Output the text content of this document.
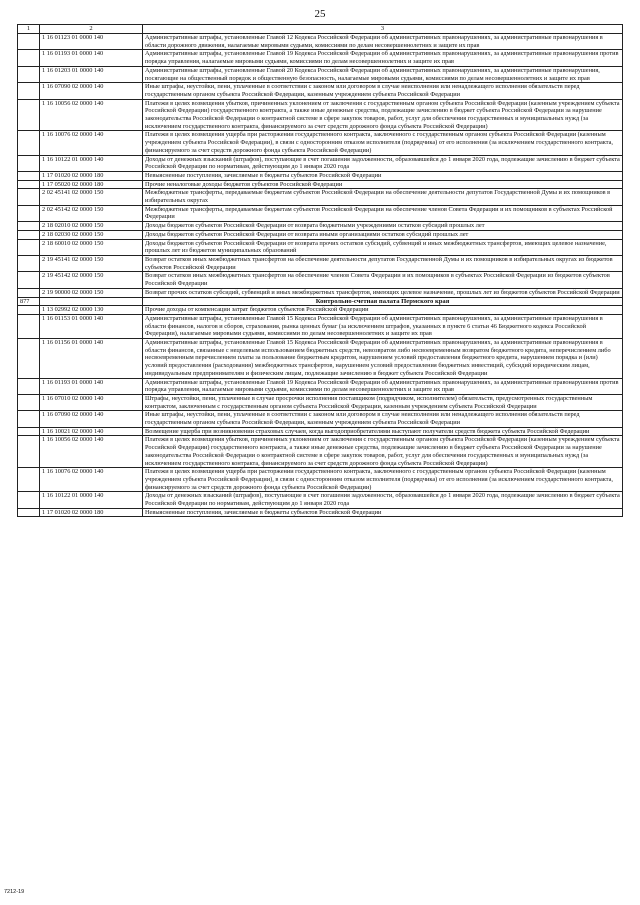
25
1	2	3
	1 16 01123 01 0000 140	Административные штрафы, установленные Главой 12 Кодекса Российской Федерации об административных правонарушениях, за административные правонарушения в области дорожного движения, налагаемые мировыми судьями, комиссиями по делам несовершеннолетних и защите их прав
	1 16 01193 01 0000 140	Административные штрафы, установленные Главой 19 Кодекса Российской Федерации об административных правонарушениях, за административные правонарушения против порядка управления, налагаемые мировыми судьями, комиссиями по делам несовершеннолетних и защите их прав
	1 16 01203 01 0000 140	Административные штрафы, установленные Главой 20 Кодекса Российской Федерации об административных правонарушениях, за административные правонарушения, посягающие на общественный порядок и общественную безопасность, налагаемые мировыми судьями, комиссиями по делам несовершеннолетних и защите их прав
	1 16 07090 02 0000 140	Иные штрафы, неустойки, пени, уплаченные в соответствии с законом или договором в случае неисполнения или ненадлежащего исполнения обязательств перед государственным органом субъекта Российской Федерации, казенным учреждением субъекта Российской Федерации
	1 16 10056 02 0000 140	Платежи в целях возмещения убытков, причиненных уклонением от заключения с государственным органом субъекта Российской Федерации (казенным учреждением субъекта Российской Федерации) государственного контракта, а также иные денежные средства, подлежащие зачислению в бюджет субъекта Российской Федерации за нарушение законодательства Российской Федерации о контрактной системе в сфере закупок товаров, работ, услуг для обеспечения государственных и муниципальных нужд (за исключением государственного контракта, финансируемого за счет средств дорожного фонда субъекта Российской Федерации)
	1 16 10076 02 0000 140	Платежи в целях возмещения ущерба при расторжении государственного контракта, заключенного с государственным органом субъекта Российской Федерации (казенным учреждением субъекта Российской Федерации), в связи с односторонним отказом исполнителя (подрядчика) от его исполнения (за исключением государственного контракта, финансируемого за счет средств дорожного фонда субъекта Российской Федерации)
	1 16 10122 01 0000 140	Доходы от денежных взысканий (штрафов), поступающие в счет погашения задолженности, образовавшейся до 1 января 2020 года, подлежащие зачислению в бюджет субъекта Российской Федерации по нормативам, действующим до 1 января 2020 года
	1 17 01020 02 0000 180	Невыясненные поступления, зачисляемые в бюджеты субъектов Российской Федерации
	1 17 05020 02 0000 180	Прочие неналоговые доходы бюджетов субъектов Российской Федерации
	2 02 45141 02 0000 150	Межбюджетные трансферты, передаваемые бюджетам субъектов Российской Федерации на обеспечение деятельности депутатов Государственной Думы и их помощников в избирательных округах
	2 02 45142 02 0000 150	Межбюджетные трансферты, передаваемые бюджетам субъектов Российской Федерации на обеспечение членов Совета Федерации и их помощников в субъектах Российской Федерации
	2 18 02010 02 0000 150	Доходы бюджетов субъектов Российской Федерации от возврата бюджетными учреждениями остатков субсидий прошлых лет
	2 18 02030 02 0000 150	Доходы бюджетов субъектов Российской Федерации от возврата иными организациями остатков субсидий прошлых лет
	2 18 60010 02 0000 150	Доходы бюджетов субъектов Российской Федерации от возврата прочих остатков субсидий, субвенций и иных межбюджетных трансфертов, имеющих целевое назначение, прошлых лет из бюджетов муниципальных образований
	2 19 45141 02 0000 150	Возврат остатков иных межбюджетных трансфертов на обеспечение деятельности депутатов Государственной Думы и их помощников в избирательных округах из бюджетов субъектов Российской Федерации
	2 19 45142 02 0000 150	Возврат остатков иных межбюджетных трансфертов на обеспечение членов Совета Федерации и их помощников в субъектах Российской Федерации из бюджетов субъектов Российской Федерации
	2 19 90000 02 0000 150	Возврат прочих остатков субсидий, субвенций и иных межбюджетных трансфертов, имеющих целевое назначение, прошлых лет из бюджетов субъектов Российской Федерации
877		Контрольно-счетная палата Пермского края
	1 13 02992 02 0000 130	Прочие доходы от компенсации затрат бюджетов субъектов Российской Федерации
	1 16 01153 01 0000 140	Административные штрафы, установленные Главой 15 Кодекса Российской Федерации об административных правонарушениях, за административные правонарушения в области финансов, налогов и сборов, страхования, рынка ценных бумаг (за исключением штрафов, указанных в пункте 6 статьи 46 Бюджетного кодекса Российской Федерации), налагаемые мировыми судьями, комиссиями по делам несовершеннолетних и защите их прав
	1 16 01156 01 0000 140	Административные штрафы, установленные Главой 15 Кодекса Российской Федерации об административных правонарушениях, за административные правонарушения в области финансов, связанные с нецелевым использованием бюджетных средств, невозвратом либо несвоевременным возвратом бюджетного кредита, неперечислением либо несвоевременным перечислением платы за пользование бюджетным кредитом, нарушением условий предоставления бюджетного кредита, нарушением порядка и (или) условий предоставления (расходования) межбюджетных трансфертов, нарушением условий предоставления бюджетных инвестиций, субсидий юридическим лицам, индивидуальным предпринимателям и физическим лицам, подлежащие зачислению в бюджет субъекта Российской Федерации
	1 16 01193 01 0000 140	Административные штрафы, установленные Главой 19 Кодекса Российской Федерации об административных правонарушениях, за административные правонарушения против порядка управления, налагаемые мировыми судьями, комиссиями по делам несовершеннолетних и защите их прав
	1 16 07010 02 0000 140	Штрафы, неустойки, пени, уплаченные в случае просрочки исполнения поставщиком (подрядчиком, исполнителем) обязательств, предусмотренных государственным контрактом, заключенным с государственным органом субъекта Российской Федерации, казенным учреждением субъекта Российской Федерации
	1 16 07090 02 0000 140	Иные штрафы, неустойки, пени, уплаченные в соответствии с законом или договором в случае неисполнения или ненадлежащего исполнения обязательств перед государственным органом субъекта Российской Федерации, казенным учреждением субъекта Российской Федерации
	1 16 10021 02 0000 140	Возмещение ущерба при возникновении страховых случаев, когда выгодоприобретателями выступают получатели средств бюджета субъекта Российской Федерации
	1 16 10056 02 0000 140	Платежи в целях возмещения убытков, причиненных уклонением от заключения с государственным органом субъекта Российской Федерации (казенным учреждением субъекта Российской Федерации) государственного контракта, а также иные денежные средства, подлежащие зачислению в бюджет субъекта Российской Федерации за нарушение законодательства Российской Федерации о контрактной системе в сфере закупок товаров, работ, услуг для обеспечения государственных и муниципальных нужд (за исключением государственного контракта, финансируемого за счет средств дорожного фонда субъекта Российской Федерации)
	1 16 10076 02 0000 140	Платежи в целях возмещения ущерба при расторжении государственного контракта, заключенного с государственным органом субъекта Российской Федерации (казенным учреждением субъекта Российской Федерации), в связи с односторонним отказом исполнителя (подрядчика) от его исполнения (за исключением государственного контракта, финансируемого за счет средств дорожного фонда субъекта Российской Федерации)
	1 16 10122 01 0000 140	Доходы от денежных взысканий (штрафов), поступающие в счет погашения задолженности, образовавшейся до 1 января 2020 года, подлежащие зачислению в бюджет субъекта Российской Федерации по нормативам, действующим до 1 января 2020 года
	1 17 01020 02 0000 180	Невыясненные поступления, зачисляемые в бюджеты субъектов Российской Федерации
7212-19
